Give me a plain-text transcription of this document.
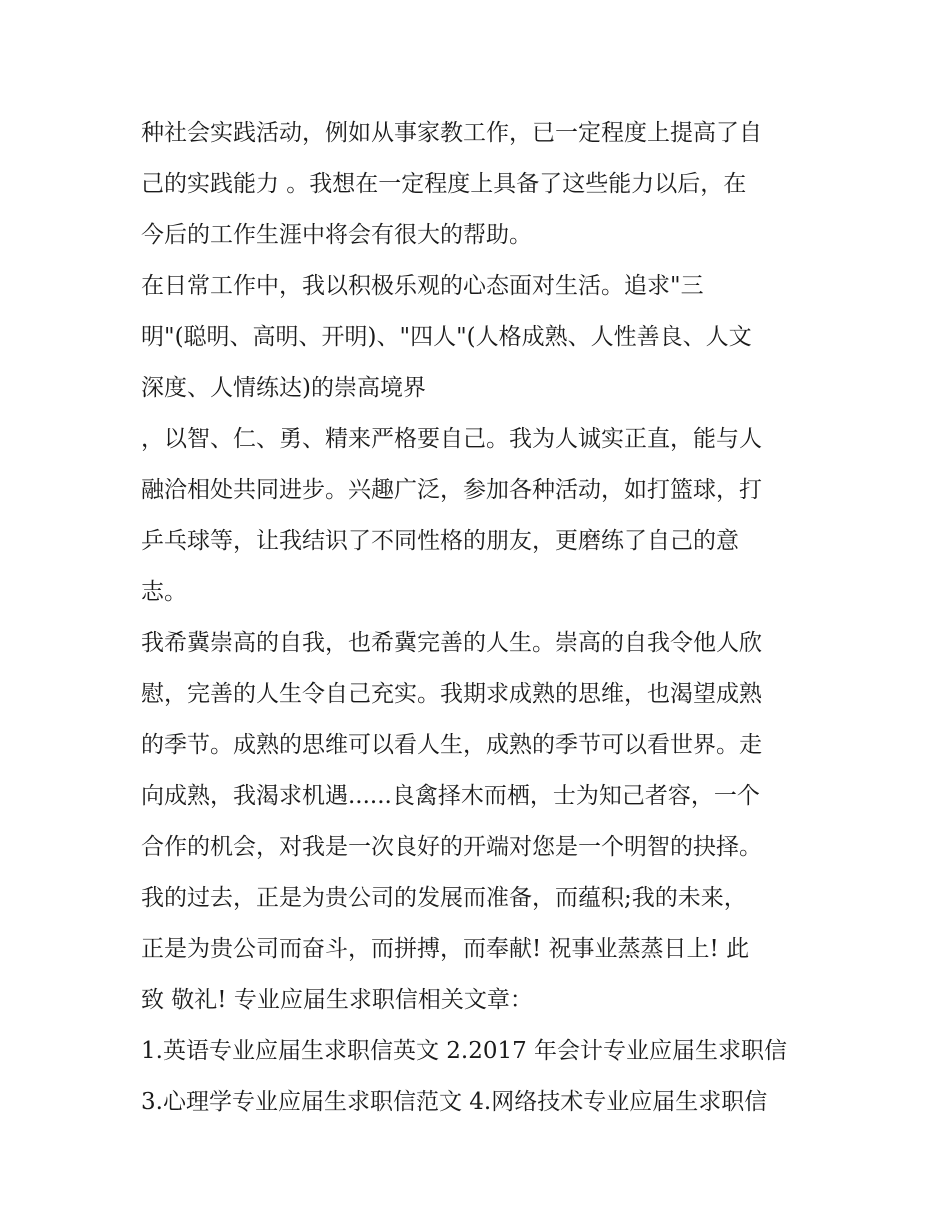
种社会实践活动，例如从事家教工作，已一定程度上提高了自
己的实践能力 。我想在一定程度上具备了这些能力以后，在
今后的工作生涯中将会有很大的帮助。
在日常工作中，我以积极乐观的心态面对生活。追求"三
明"(聪明、高明、开明)、"四人"(人格成熟、人性善良、人文
深度、人情练达)的崇高境界
，以智、仁、勇、精来严格要自己。我为人诚实正直，能与人
融洽相处共同进步。兴趣广泛，参加各种活动，如打篮球，打
乒乓球等，让我结识了不同性格的朋友，更磨练了自己的意
志。
我希冀崇高的自我，也希冀完善的人生。崇高的自我令他人欣
慰，完善的人生令自己充实。我期求成熟的思维，也渴望成熟
的季节。成熟的思维可以看人生，成熟的季节可以看世界。走
向成熟，我渴求机遇......良禽择木而栖，士为知己者容，一个
合作的机会，对我是一次良好的开端对您是一个明智的抉择。
我的过去，正是为贵公司的发展而准备，而蕴积;我的未来，
正是为贵公司而奋斗，而拼搏，而奉献! 祝事业蒸蒸日上! 此
致 敬礼! 专业应届生求职信相关文章：
1.英语专业应届生求职信英文 2.2017 年会计专业应届生求职信
3.心理学专业应届生求职信范文 4.网络技术专业应届生求职信
